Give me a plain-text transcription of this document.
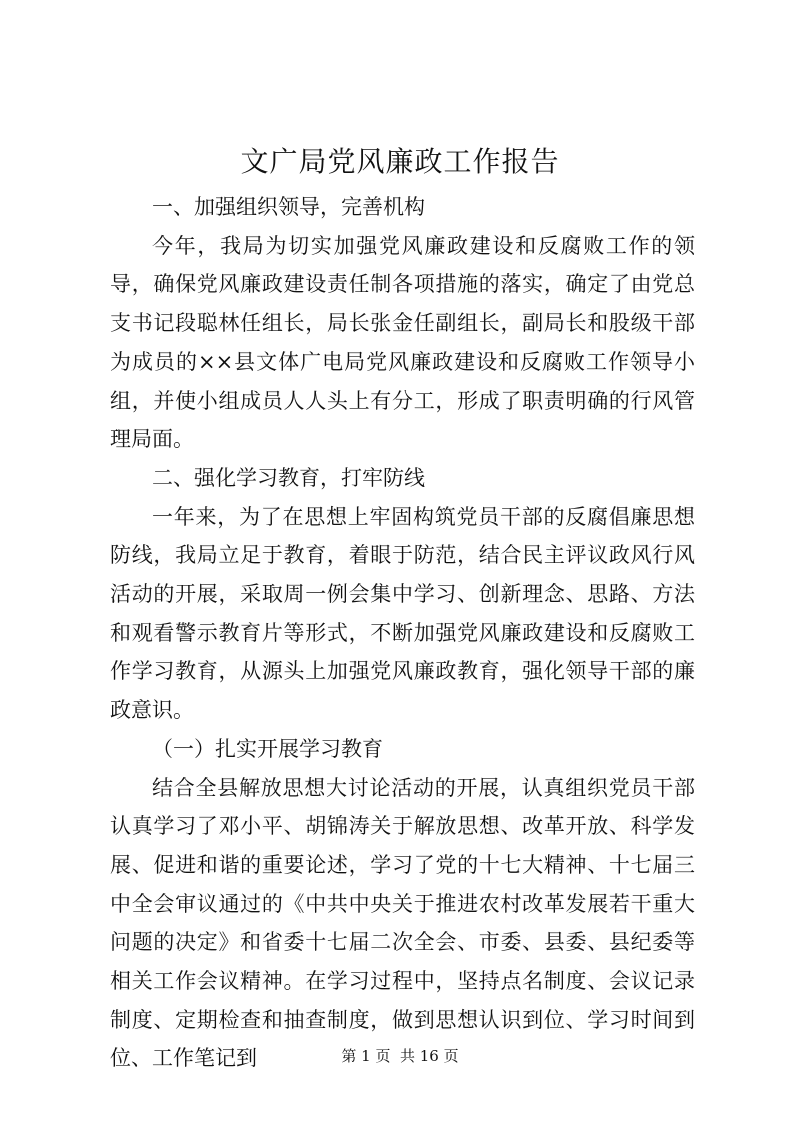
文广局党风廉政工作报告

一、加强组织领导，完善机构

今年，我局为切实加强党风廉政建设和反腐败工作的领导，确保党风廉政建设责任制各项措施的落实，确定了由党总支书记段聪林任组长，局长张金任副组长，副局长和股级干部为成员的××县文体广电局党风廉政建设和反腐败工作领导小组，并使小组成员人人头上有分工，形成了职责明确的行风管理局面。

二、强化学习教育，打牢防线

一年来，为了在思想上牢固构筑党员干部的反腐倡廉思想防线，我局立足于教育，着眼于防范，结合民主评议政风行风活动的开展，采取周一例会集中学习、创新理念、思路、方法和观看警示教育片等形式，不断加强党风廉政建设和反腐败工作学习教育，从源头上加强党风廉政教育，强化领导干部的廉政意识。

（一）扎实开展学习教育

结合全县解放思想大讨论活动的开展，认真组织党员干部认真学习了邓小平、胡锦涛关于解放思想、改革开放、科学发展、促进和谐的重要论述，学习了党的十七大精神、十七届三中全会审议通过的《中共中央关于推进农村改革发展若干重大问题的决定》和省委十七届二次全会、市委、县委、县纪委等相关工作会议精神。在学习过程中，坚持点名制度、会议记录制度、定期检查和抽查制度，做到思想认识到位、学习时间到位、工作笔记到	第 1 页  共 16 页
